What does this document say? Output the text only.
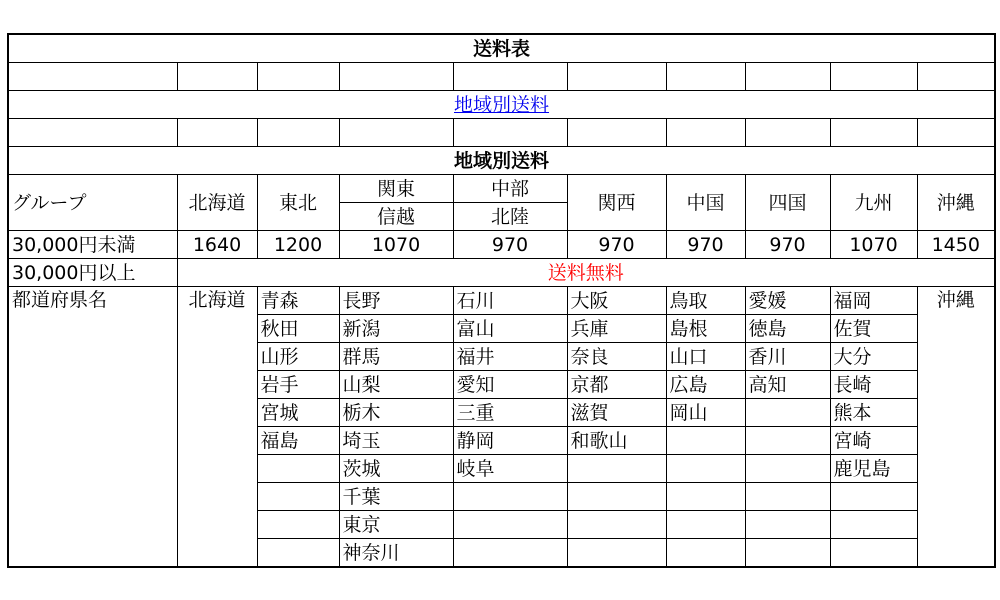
送料表									

地域別送料									

地域別送料									
グループ	北海道	東北	関東	中部	関西	中国	四国	九州	沖縄
			信越	北陸					
30,000円未満	1640	1200	1070	970	970	970	970	1070	1450
30,000円以上	送料無料								
都道府県名	北海道	青森	長野	石川	大阪	鳥取	愛媛	福岡	沖縄
		秋田	新潟	富山	兵庫	島根	徳島	佐賀	
		山形	群馬	福井	奈良	山口	香川	大分	
		岩手	山梨	愛知	京都	広島	高知	長崎	
		宮城	栃木	三重	滋賀	岡山		熊本	
		福島	埼玉	静岡	和歌山			宮崎	
			茨城	岐阜				鹿児島	
			千葉						
			東京						
			神奈川						
